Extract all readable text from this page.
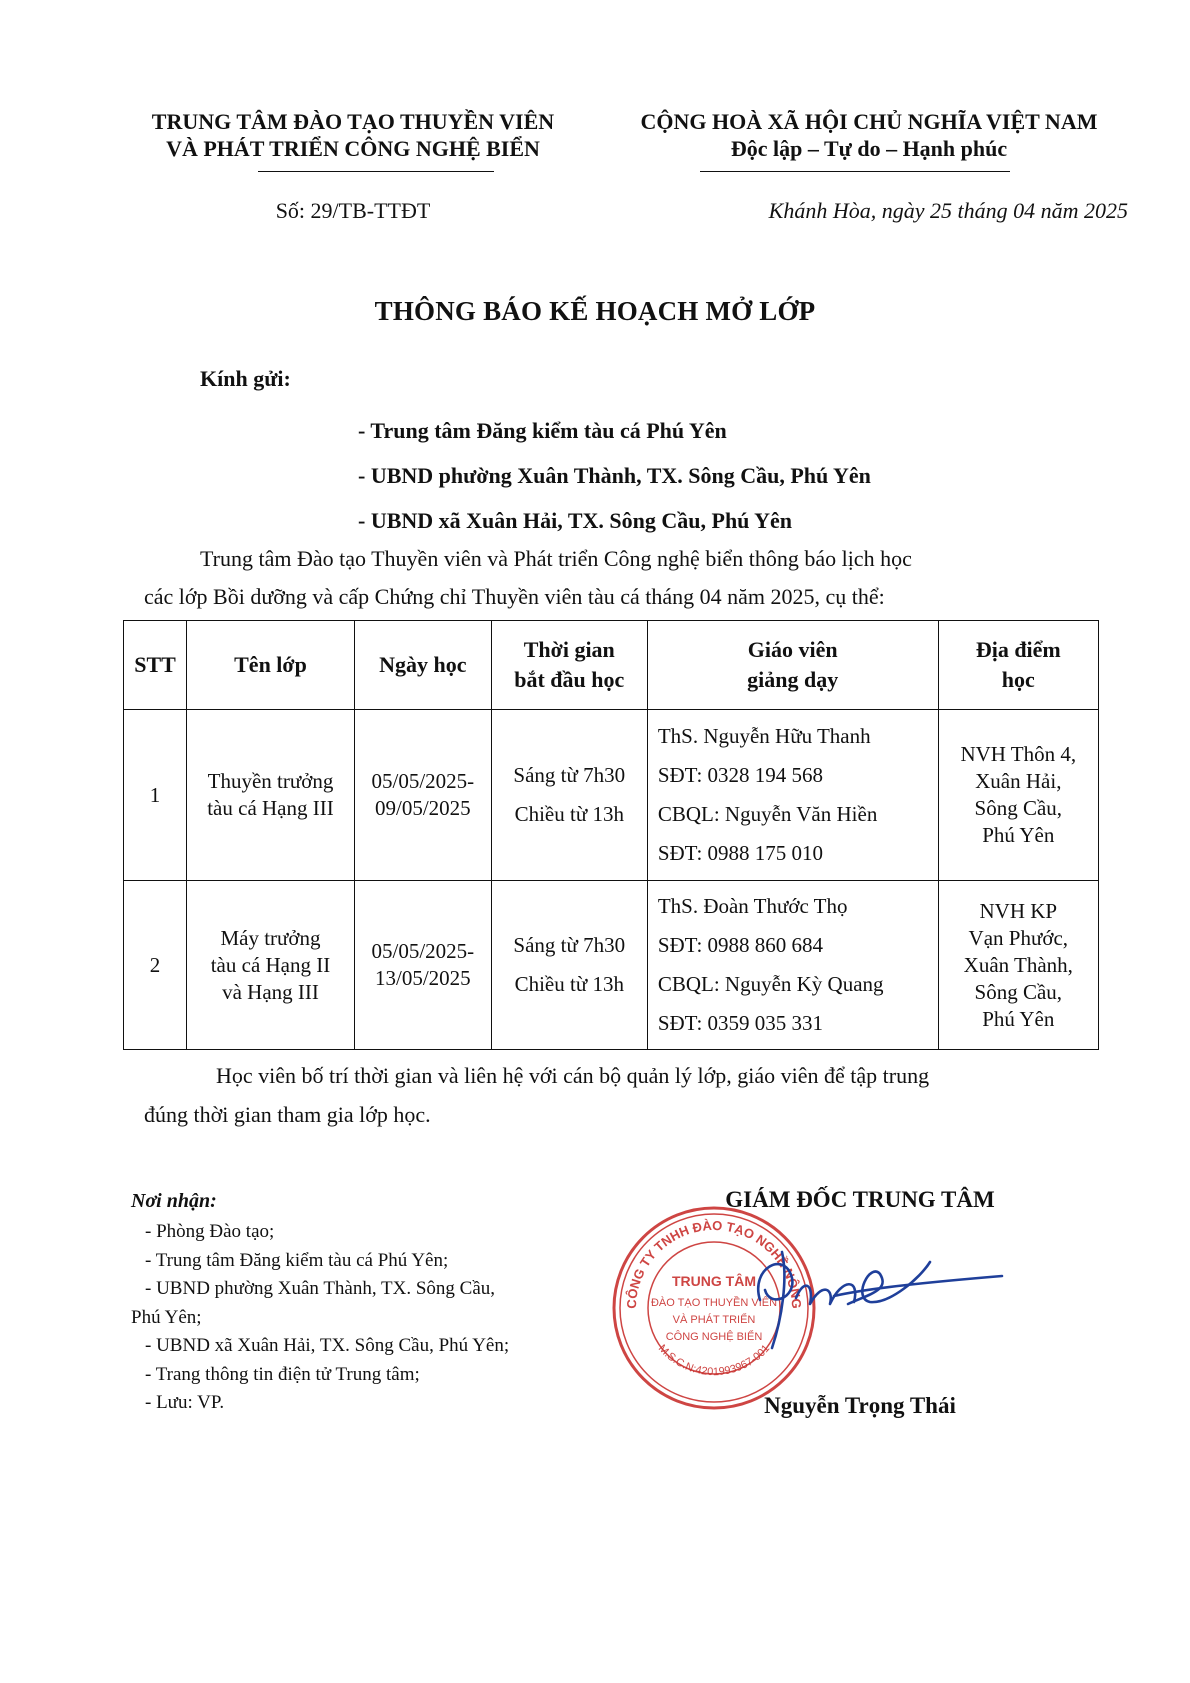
TRUNG TÂM ĐÀO TẠO THUYỀN VIÊN
VÀ PHÁT TRIỂN CÔNG NGHỆ BIỂN
CỘNG HOÀ XÃ HỘI CHỦ NGHĨA VIỆT NAM
Độc lập – Tự do – Hạnh phúc
Số: 29/TB-TTĐT	Khánh Hòa, ngày 25 tháng 04 năm 2025
THÔNG BÁO KẾ HOẠCH MỞ LỚP
Kính gửi:
- Trung tâm Đăng kiểm tàu cá Phú Yên
- UBND phường Xuân Thành, TX. Sông Cầu, Phú Yên
- UBND xã Xuân Hải, TX. Sông Cầu, Phú Yên
Trung tâm Đào tạo Thuyền viên và Phát triển Công nghệ biển thông báo lịch học
các lớp Bồi dưỡng và cấp Chứng chỉ Thuyền viên tàu cá tháng 04 năm 2025, cụ thể:
STT	Tên lớp	Ngày học	Thời gian
bắt đầu học	Giáo viên
giảng dạy	Địa điểm
học

1	Thuyền trưởng
tàu cá Hạng III	05/05/2025-
09/05/2025	Sáng từ 7h30
Chiều từ 13h	ThS. Nguyễn Hữu Thanh
SĐT: 0328 194 568
CBQL: Nguyễn Văn Hiền
SĐT: 0988 175 010	NVH Thôn 4,
Xuân Hải,
Sông Cầu,
Phú Yên

2	Máy trưởng
tàu cá Hạng II
và Hạng III	05/05/2025-
13/05/2025	Sáng từ 7h30
Chiều từ 13h	ThS. Đoàn Thước Thọ
SĐT: 0988 860 684
CBQL: Nguyễn Kỳ Quang
SĐT: 0359 035 331	NVH KP
Vạn Phước,
Xuân Thành,
Sông Cầu,
Phú Yên
Học viên bố trí thời gian và liên hệ với cán bộ quản lý lớp, giáo viên để tập trung
đúng thời gian tham gia lớp học.
Nơi nhận:
- Phòng Đào tạo;
- Trung tâm Đăng kiểm tàu cá Phú Yên;
- UBND phường Xuân Thành, TX. Sông Cầu,
Phú Yên;
- UBND xã Xuân Hải, TX. Sông Cầu, Phú Yên;
- Trang thông tin điện tử Trung tâm;
- Lưu: VP.
GIÁM ĐỐC TRUNG TÂM
CÔNG TY TNHH ĐÀO TẠO NGHỀ NÔNG
M.S.C.N:4201993967-001
TRUNG TÂM
ĐÀO TẠO THUYỀN VIÊN
VÀ PHÁT TRIỂN
CÔNG NGHỆ BIỂN
Nguyễn Trọng Thái
